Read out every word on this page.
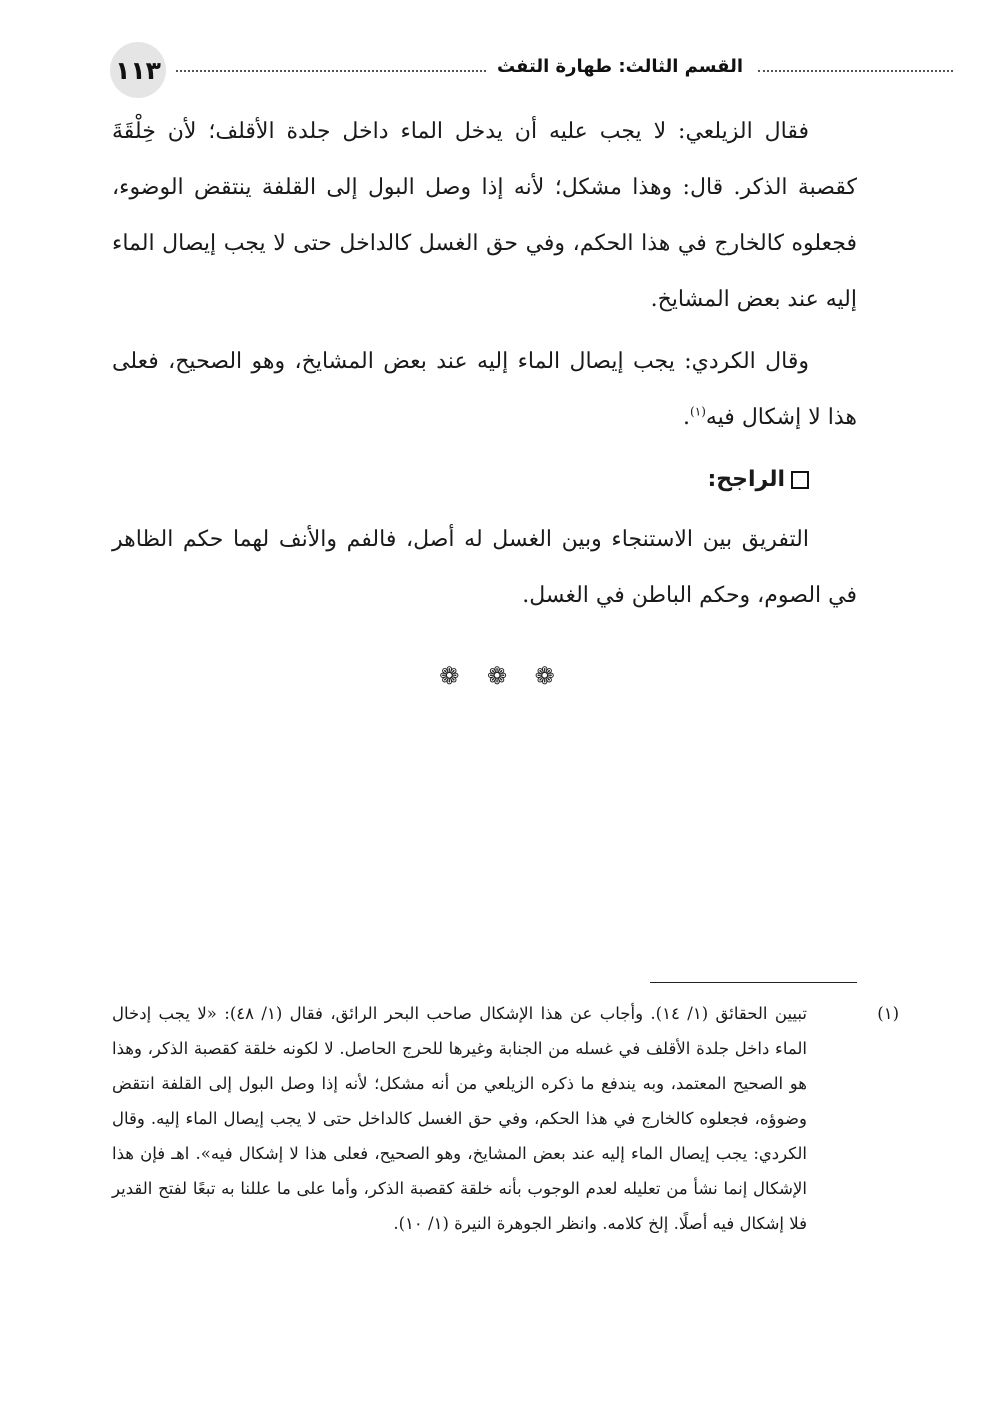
١١٣	القسم الثالث: طهارة التفث

فقال الزيلعي: لا يجب عليه أن يدخل الماء داخل جلدة الأقلف؛ لأن خِلْقَةَ كقصبة الذكر. قال: وهذا مشكل؛ لأنه إذا وصل البول إلى القلفة ينتقض الوضوء، فجعلوه كالخارج في هذا الحكم، وفي حق الغسل كالداخل حتى لا يجب إيصال الماء إليه عند بعض المشايخ.

وقال الكردي: يجب إيصال الماء إليه عند بعض المشايخ، وهو الصحيح، فعلى هذا لا إشكال فيه$^{(١)}$.

الراجح:

التفريق بين الاستنجاء وبين الغسل له أصل، فالفم والأنف لهما حكم الظاهر في الصوم، وحكم الباطن في الغسل.

❁ ❁ ❁
(١)
تبيين الحقائق (١/ ١٤). وأجاب عن هذا الإشكال صاحب البحر الرائق، فقال (١/ ٤٨): «لا يجب إدخال الماء داخل جلدة الأقلف في غسله من الجنابة وغيرها للحرج الحاصل. لا لكونه خلقة كقصبة الذكر، وهذا هو الصحيح المعتمد، وبه يندفع ما ذكره الزيلعي من أنه مشكل؛ لأنه إذا وصل البول إلى القلفة انتقض وضوؤه، فجعلوه كالخارج في هذا الحكم، وفي حق الغسل كالداخل حتى لا يجب إيصال الماء إليه. وقال الكردي: يجب إيصال الماء إليه عند بعض المشايخ، وهو الصحيح، فعلى هذا لا إشكال فيه». اهـ فإن هذا الإشكال إنما نشأ من تعليله لعدم الوجوب بأنه خلقة كقصبة الذكر، وأما على ما عللنا به تبعًا لفتح القدير فلا إشكال فيه أصلًا. إلخ كلامه. وانظر الجوهرة النيرة (١/ ١٠).
